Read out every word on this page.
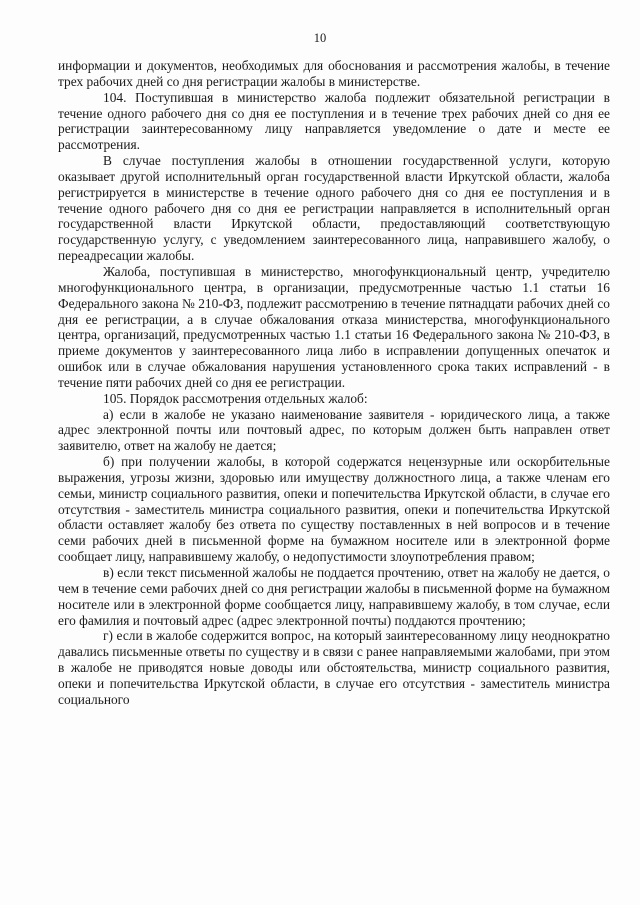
10

информации и документов, необходимых для обоснования и рассмотрения жалобы, в течение трех рабочих дней со дня регистрации жалобы в министерстве.

104. Поступившая в министерство жалоба подлежит обязательной регистрации в течение одного рабочего дня со дня ее поступления и в течение трех рабочих дней со дня ее регистрации заинтересованному лицу направляется уведомление о дате и месте ее рассмотрения.

В случае поступления жалобы в отношении государственной услуги, которую оказывает другой исполнительный орган государственной власти Иркутской области, жалоба регистрируется в министерстве в течение одного рабочего дня со дня ее поступления и в течение одного рабочего дня со дня ее регистрации направляется в исполнительный орган государственной власти Иркутской области, предоставляющий соответствующую государственную услугу, с уведомлением заинтересованного лица, направившего жалобу, о переадресации жалобы.

Жалоба, поступившая в министерство, многофункциональный центр, учредителю многофункционального центра, в организации, предусмотренные частью 1.1 статьи 16 Федерального закона № 210-ФЗ, подлежит рассмотрению в течение пятнадцати рабочих дней со дня ее регистрации, а в случае обжалования отказа министерства, многофункционального центра, организаций, предусмотренных частью 1.1 статьи 16 Федерального закона № 210-ФЗ, в приеме документов у заинтересованного лица либо в исправлении допущенных опечаток и ошибок или в случае обжалования нарушения установленного срока таких исправлений - в течение пяти рабочих дней со дня ее регистрации.

105. Порядок рассмотрения отдельных жалоб:

а) если в жалобе не указано наименование заявителя - юридического лица, а также адрес электронной почты или почтовый адрес, по которым должен быть направлен ответ заявителю, ответ на жалобу не дается;

б) при получении жалобы, в которой содержатся нецензурные или оскорбительные выражения, угрозы жизни, здоровью или имуществу должностного лица, а также членам его семьи, министр социального развития, опеки и попечительства Иркутской области, в случае его отсутствия - заместитель министра социального развития, опеки и попечительства Иркутской области оставляет жалобу без ответа по существу поставленных в ней вопросов и в течение семи рабочих дней в письменной форме на бумажном носителе или в электронной форме сообщает лицу, направившему жалобу, о недопустимости злоупотребления правом;

в) если текст письменной жалобы не поддается прочтению, ответ на жалобу не дается, о чем в течение семи рабочих дней со дня регистрации жалобы в письменной форме на бумажном носителе или в электронной форме сообщается лицу, направившему жалобу, в том случае, если его фамилия и почтовый адрес (адрес электронной почты) поддаются прочтению;

г) если в жалобе содержится вопрос, на который заинтересованному лицу неоднократно давались письменные ответы по существу и в связи с ранее направляемыми жалобами, при этом в жалобе не приводятся новые доводы или обстоятельства, министр социального развития, опеки и попечительства Иркутской области, в случае его отсутствия - заместитель министра социального
